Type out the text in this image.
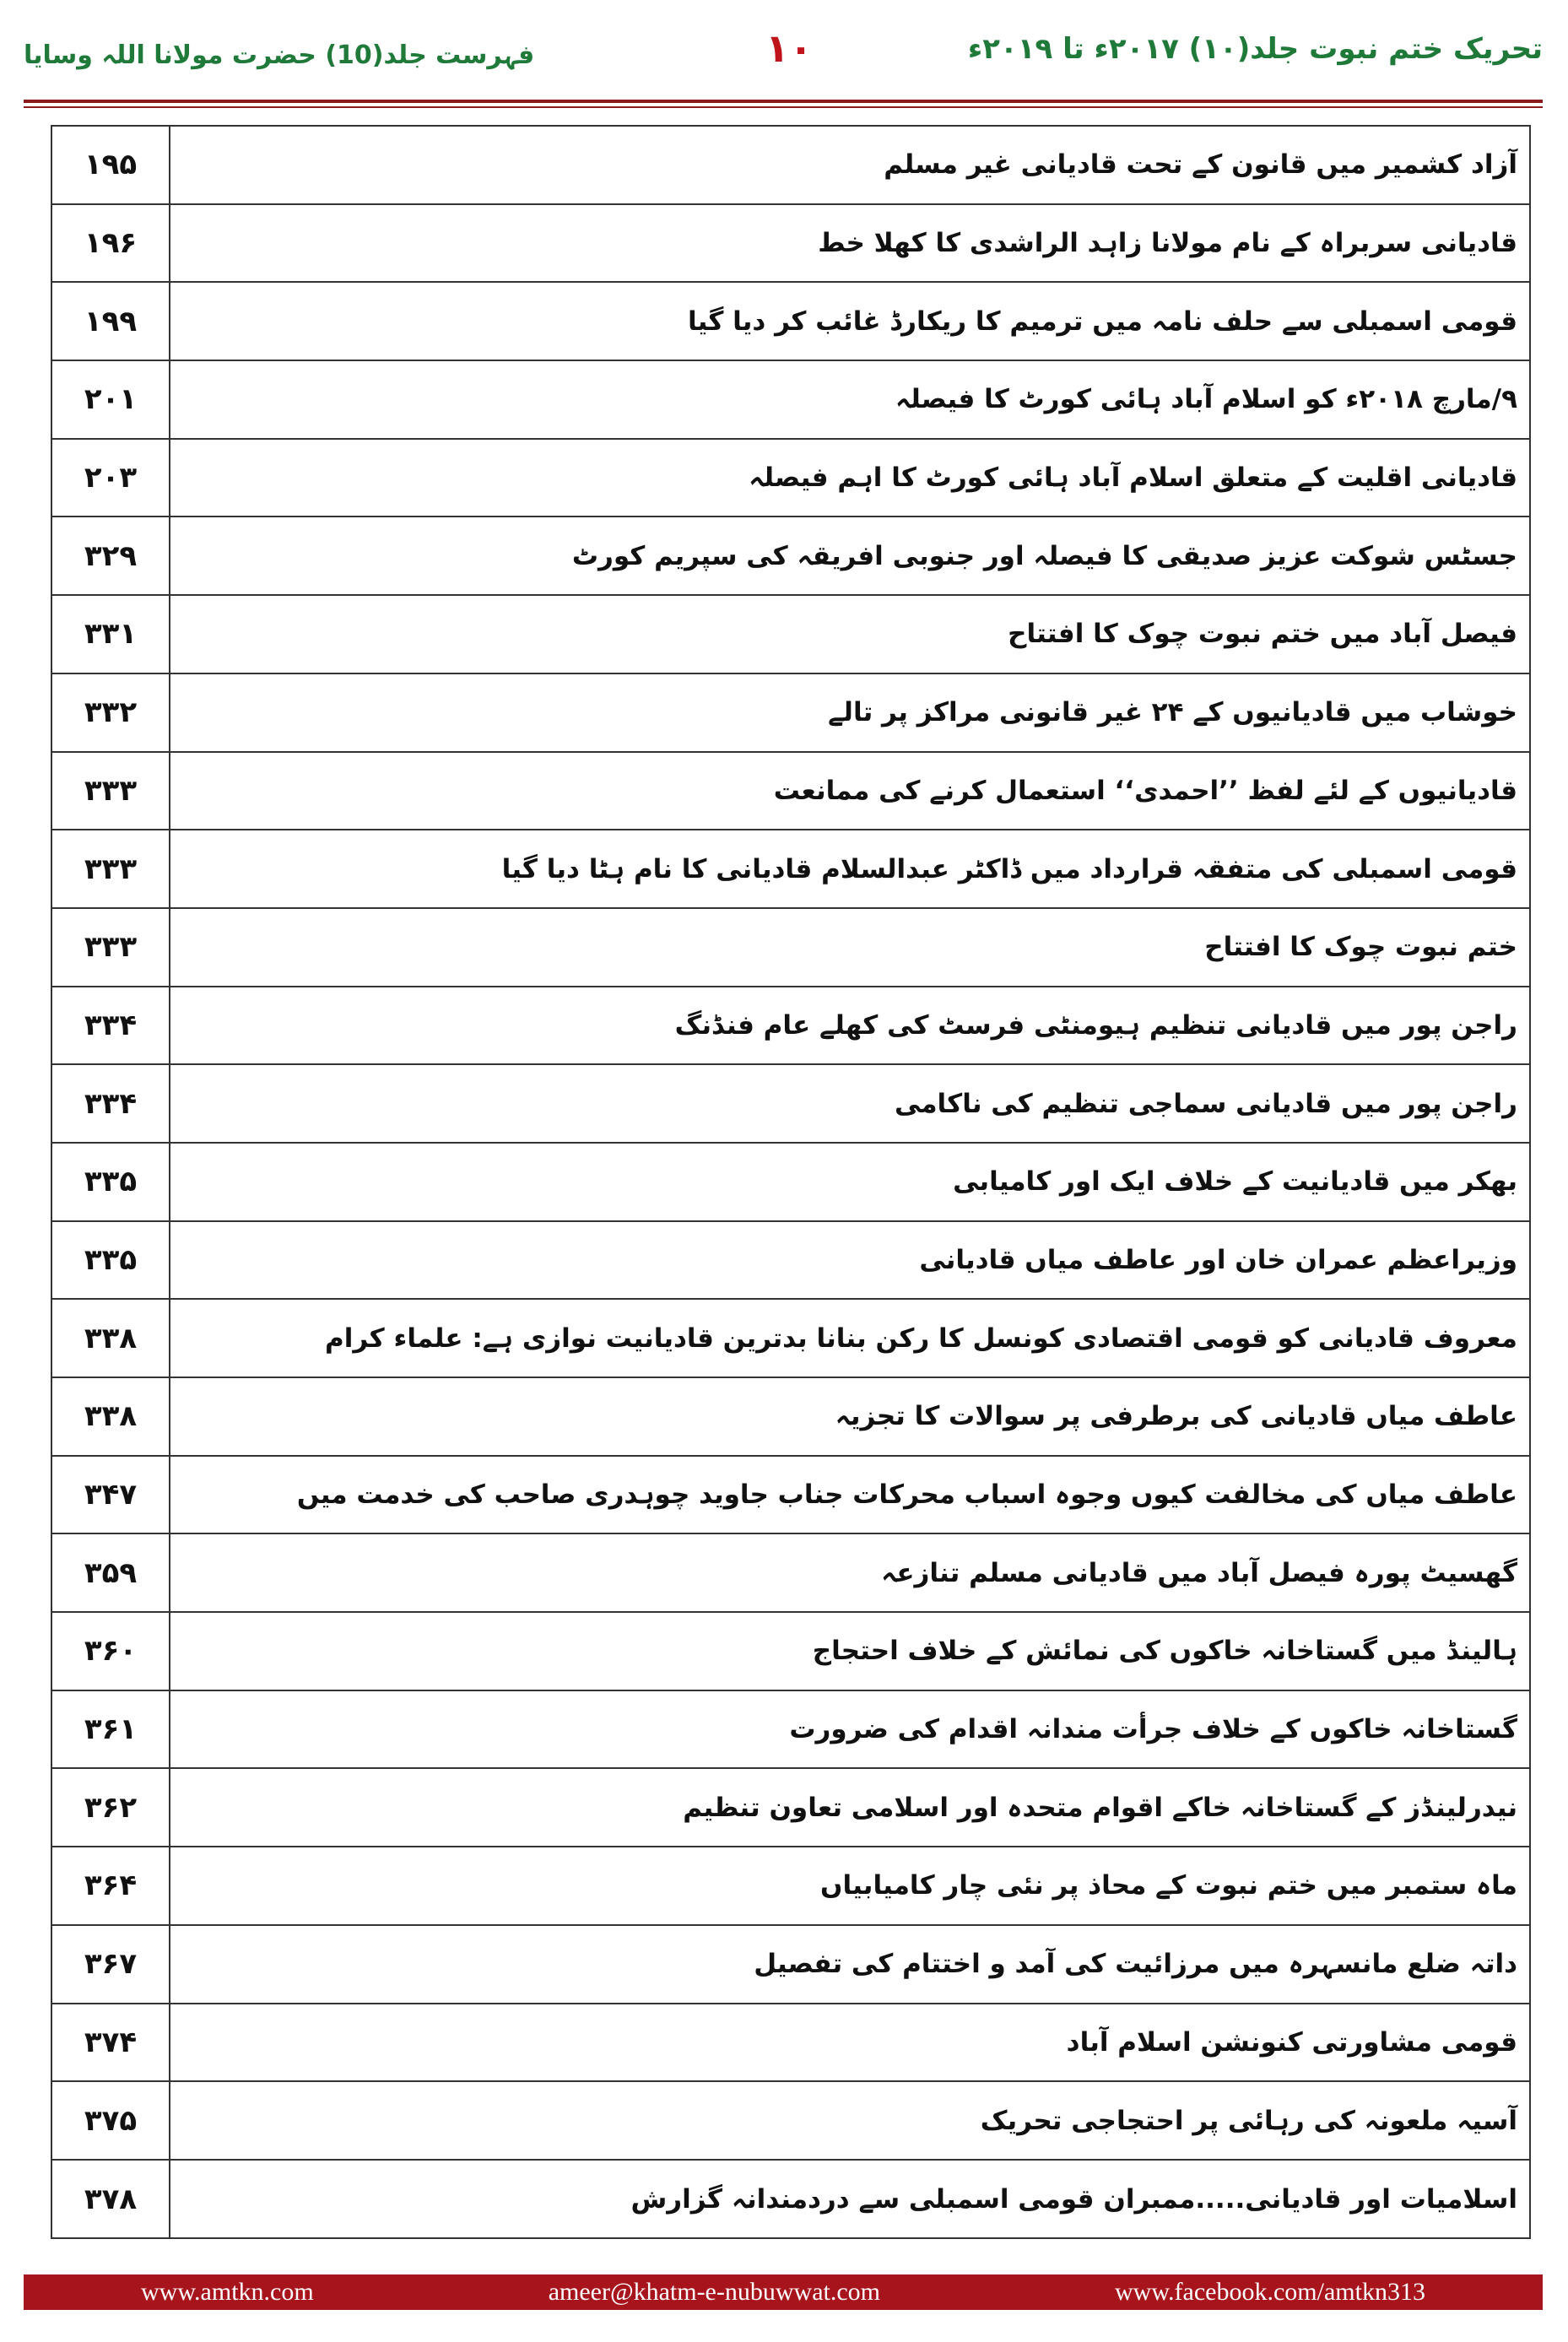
تحریک ختم نبوت جلد(۱۰) ۲۰۱۷ء تا ۲۰۱۹ء
۱۰
فہرست جلد(10) حضرت مولانا اللہ وسایا
۱۹۵	آزاد کشمیر میں قانون کے تحت قادیانی غیر مسلم
۱۹۶	قادیانی سربراہ کے نام مولانا زاہد الراشدی کا کھلا خط
۱۹۹	قومی اسمبلی سے حلف نامہ میں ترمیم کا ریکارڈ غائب کر دیا گیا
۲۰۱	۹/مارچ ۲۰۱۸ء کو اسلام آباد ہائی کورٹ کا فیصلہ
۲۰۳	قادیانی اقلیت کے متعلق اسلام آباد ہائی کورٹ کا اہم فیصلہ
۳۲۹	جسٹس شوکت عزیز صدیقی کا فیصلہ اور جنوبی افریقہ کی سپریم کورٹ
۳۳۱	فیصل آباد میں ختم نبوت چوک کا افتتاح
۳۳۲	خوشاب میں قادیانیوں کے ۲۴ غیر قانونی مراکز پر تالے
۳۳۳	قادیانیوں کے لئے لفظ ’’احمدی‘‘ استعمال کرنے کی ممانعت
۳۳۳	قومی اسمبلی کی متفقہ قرارداد میں ڈاکٹر عبدالسلام قادیانی کا نام ہٹا دیا گیا
۳۳۳	ختم نبوت چوک کا افتتاح
۳۳۴	راجن پور میں قادیانی تنظیم ہیومنٹی فرسٹ کی کھلے عام فنڈنگ
۳۳۴	راجن پور میں قادیانی سماجی تنظیم کی ناکامی
۳۳۵	بھکر میں قادیانیت کے خلاف ایک اور کامیابی
۳۳۵	وزیراعظم عمران خان اور عاطف میاں قادیانی
۳۳۸	معروف قادیانی کو قومی اقتصادی کونسل کا رکن بنانا بدترین قادیانیت نوازی ہے: علماء کرام
۳۳۸	عاطف میاں قادیانی کی برطرفی پر سوالات کا تجزیہ
۳۴۷	عاطف میاں کی مخالفت کیوں وجوہ اسباب محرکات جناب جاوید چوہدری صاحب کی خدمت میں
۳۵۹	گھسیٹ پورہ فیصل آباد میں قادیانی مسلم تنازعہ
۳۶۰	ہالینڈ میں گستاخانہ خاکوں کی نمائش کے خلاف احتجاج
۳۶۱	گستاخانہ خاکوں کے خلاف جرأت مندانہ اقدام کی ضرورت
۳۶۲	نیدرلینڈز کے گستاخانہ خاکے اقوام متحدہ اور اسلامی تعاون تنظیم
۳۶۴	ماہ ستمبر میں ختم نبوت کے محاذ پر نئی چار کامیابیاں
۳۶۷	داتہ ضلع مانسہرہ میں مرزائیت کی آمد و اختتام کی تفصیل
۳۷۴	قومی مشاورتی کنونشن اسلام آباد
۳۷۵	آسیہ ملعونہ کی رہائی پر احتجاجی تحریک
۳۷۸	اسلامیات اور قادیانی.....ممبران قومی اسمبلی سے دردمندانہ گزارش
www.amtkn.com	ameer@khatm-e-nubuwwat.com	www.facebook.com/amtkn313
